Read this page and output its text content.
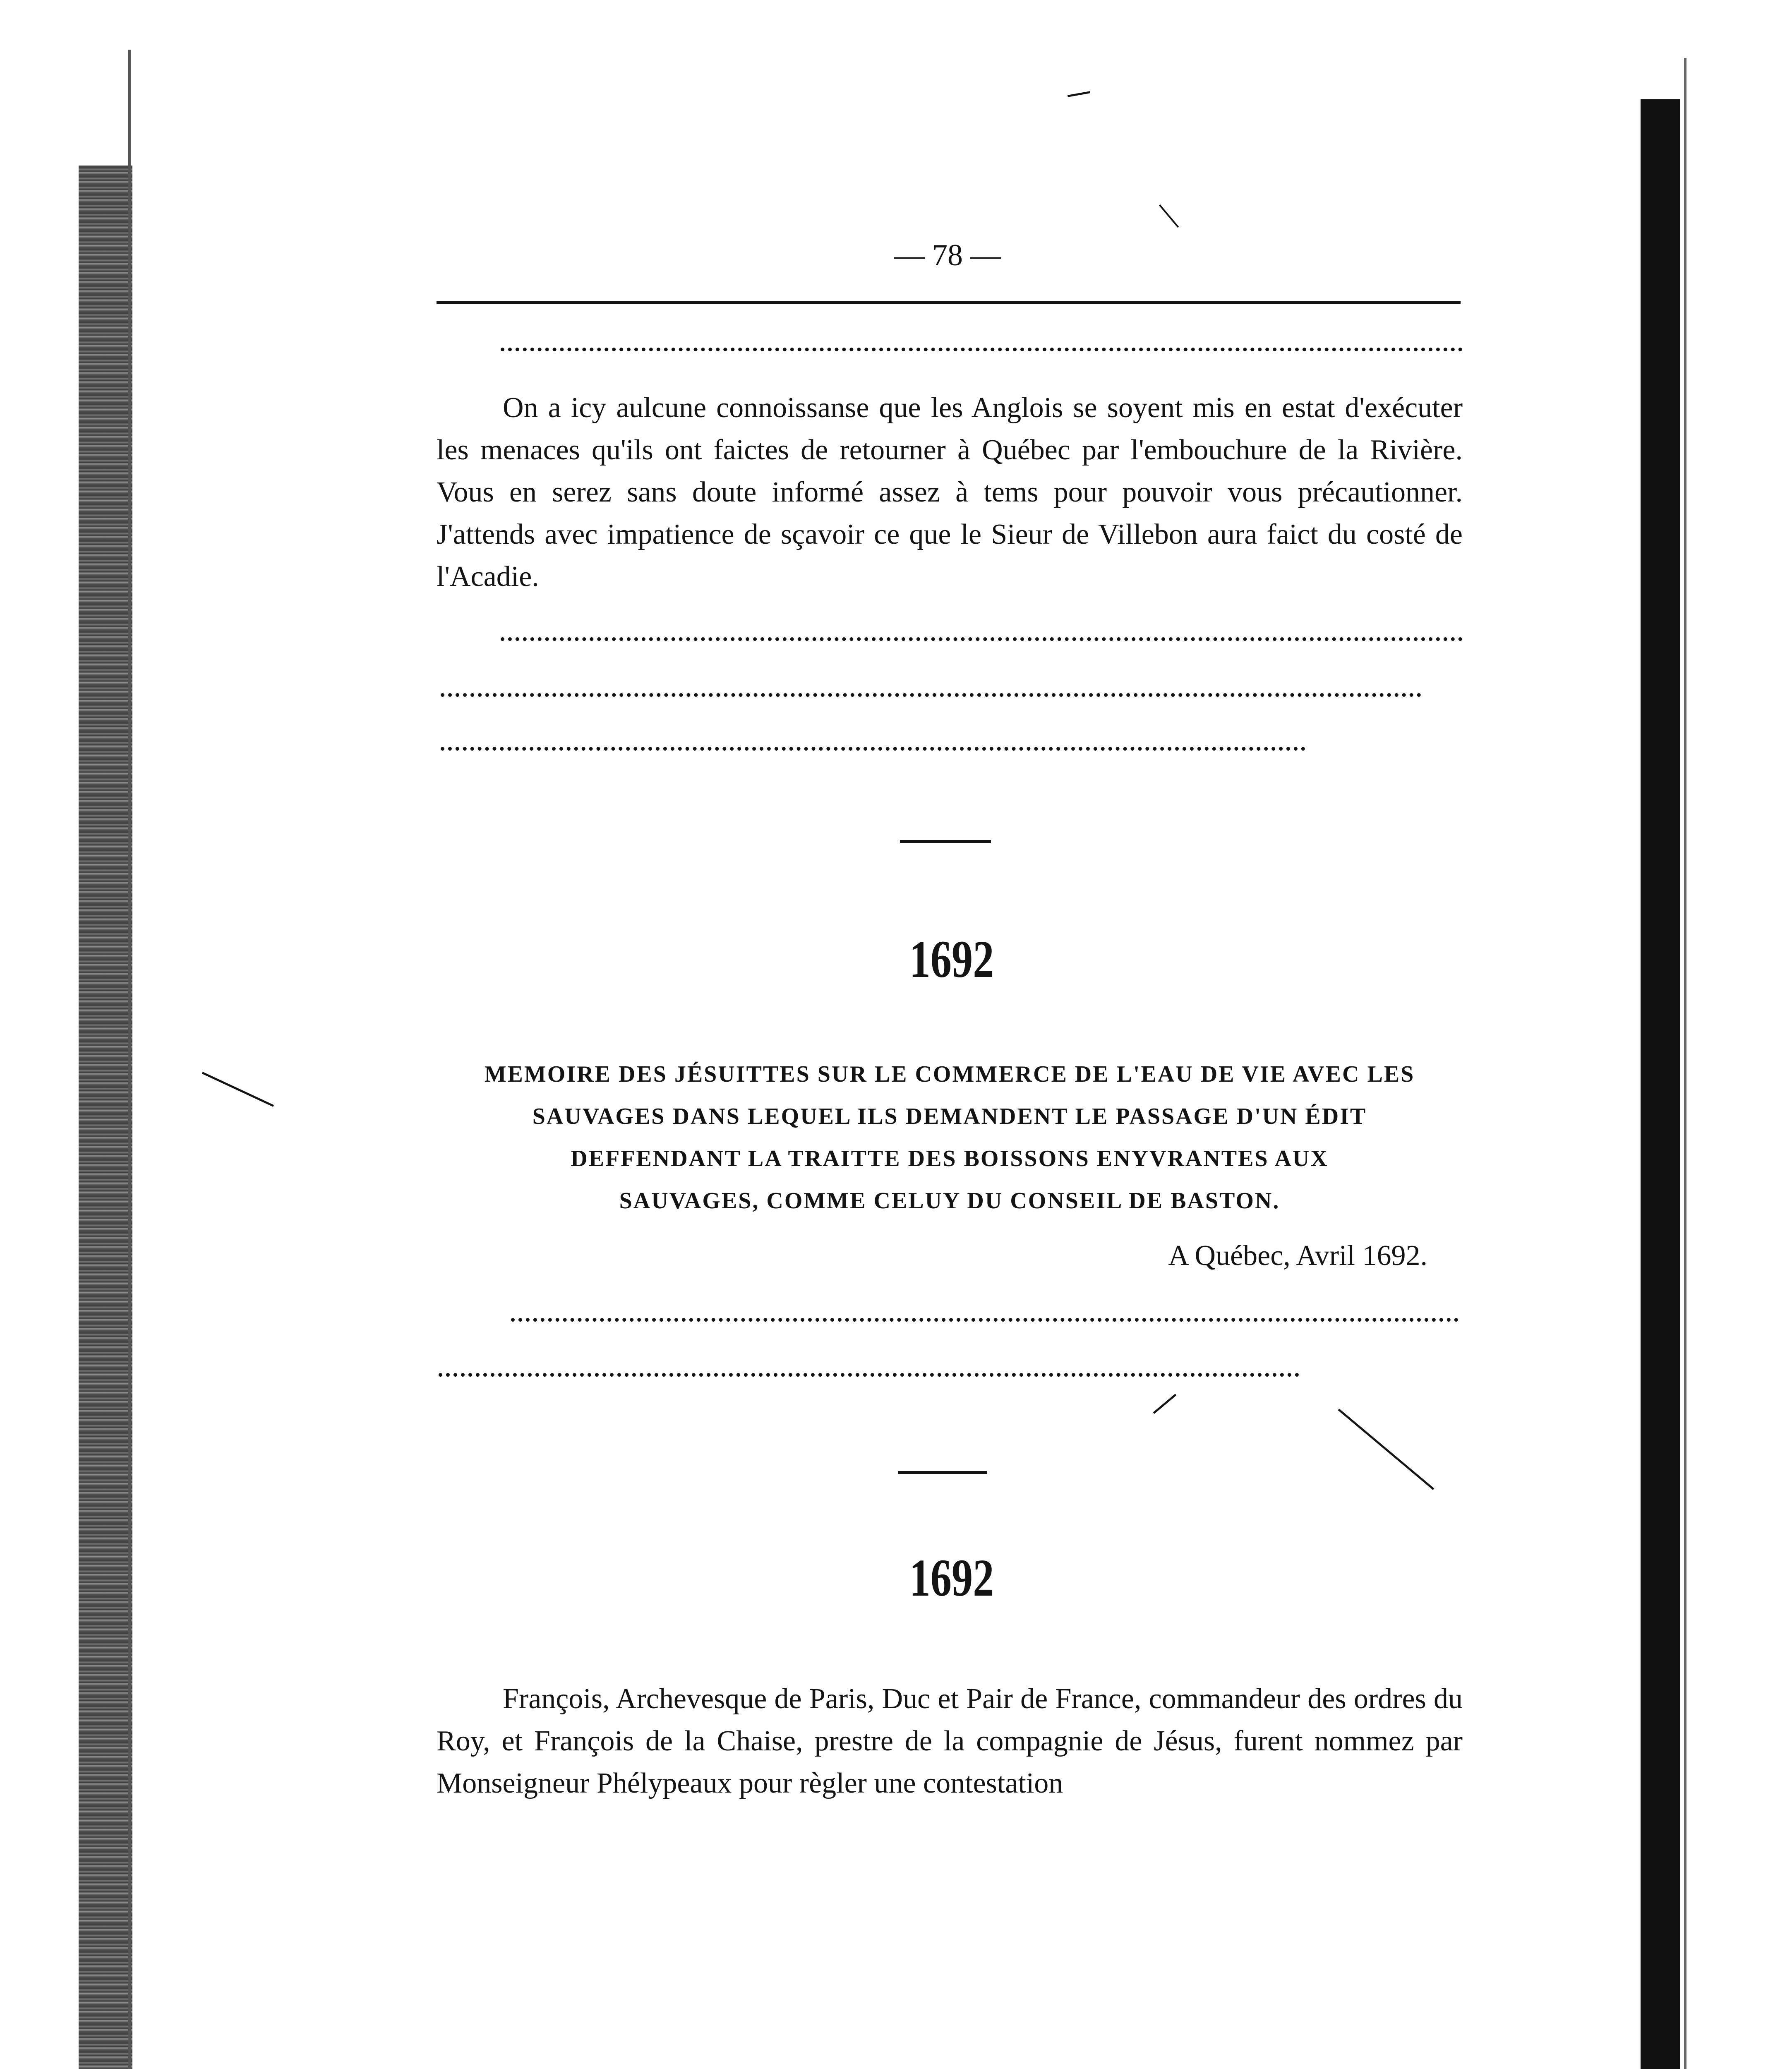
— 78 —

On a icy aulcune connoissanse que les Anglois se soyent mis en estat d'exécuter les menaces qu'ils ont faictes de retourner à Québec par l'embouchure de la Rivière. Vous en serez sans doute informé assez à tems pour pouvoir vous précautionner. J'attends avec impatience de sçavoir ce que le Sieur de Villebon aura faict du costé de l'Acadie.

1692
MEMOIRE DES JÉSUITTES SUR LE COMMERCE DE L'EAU DE VIE AVEC LES
SAUVAGES DANS LEQUEL ILS DEMANDENT LE PASSAGE D'UN ÉDIT
DEFFENDANT LA TRAITTE DES BOISSONS ENYVRANTES AUX
SAUVAGES, COMME CELUY DU CONSEIL DE BASTON.
A Québec, Avril 1692.
1692

François, Archevesque de Paris, Duc et Pair de France, commandeur des ordres du Roy, et François de la Chaise, prestre de la compagnie de Jésus, furent nommez par Monseigneur Phélypeaux pour règler une contestation
